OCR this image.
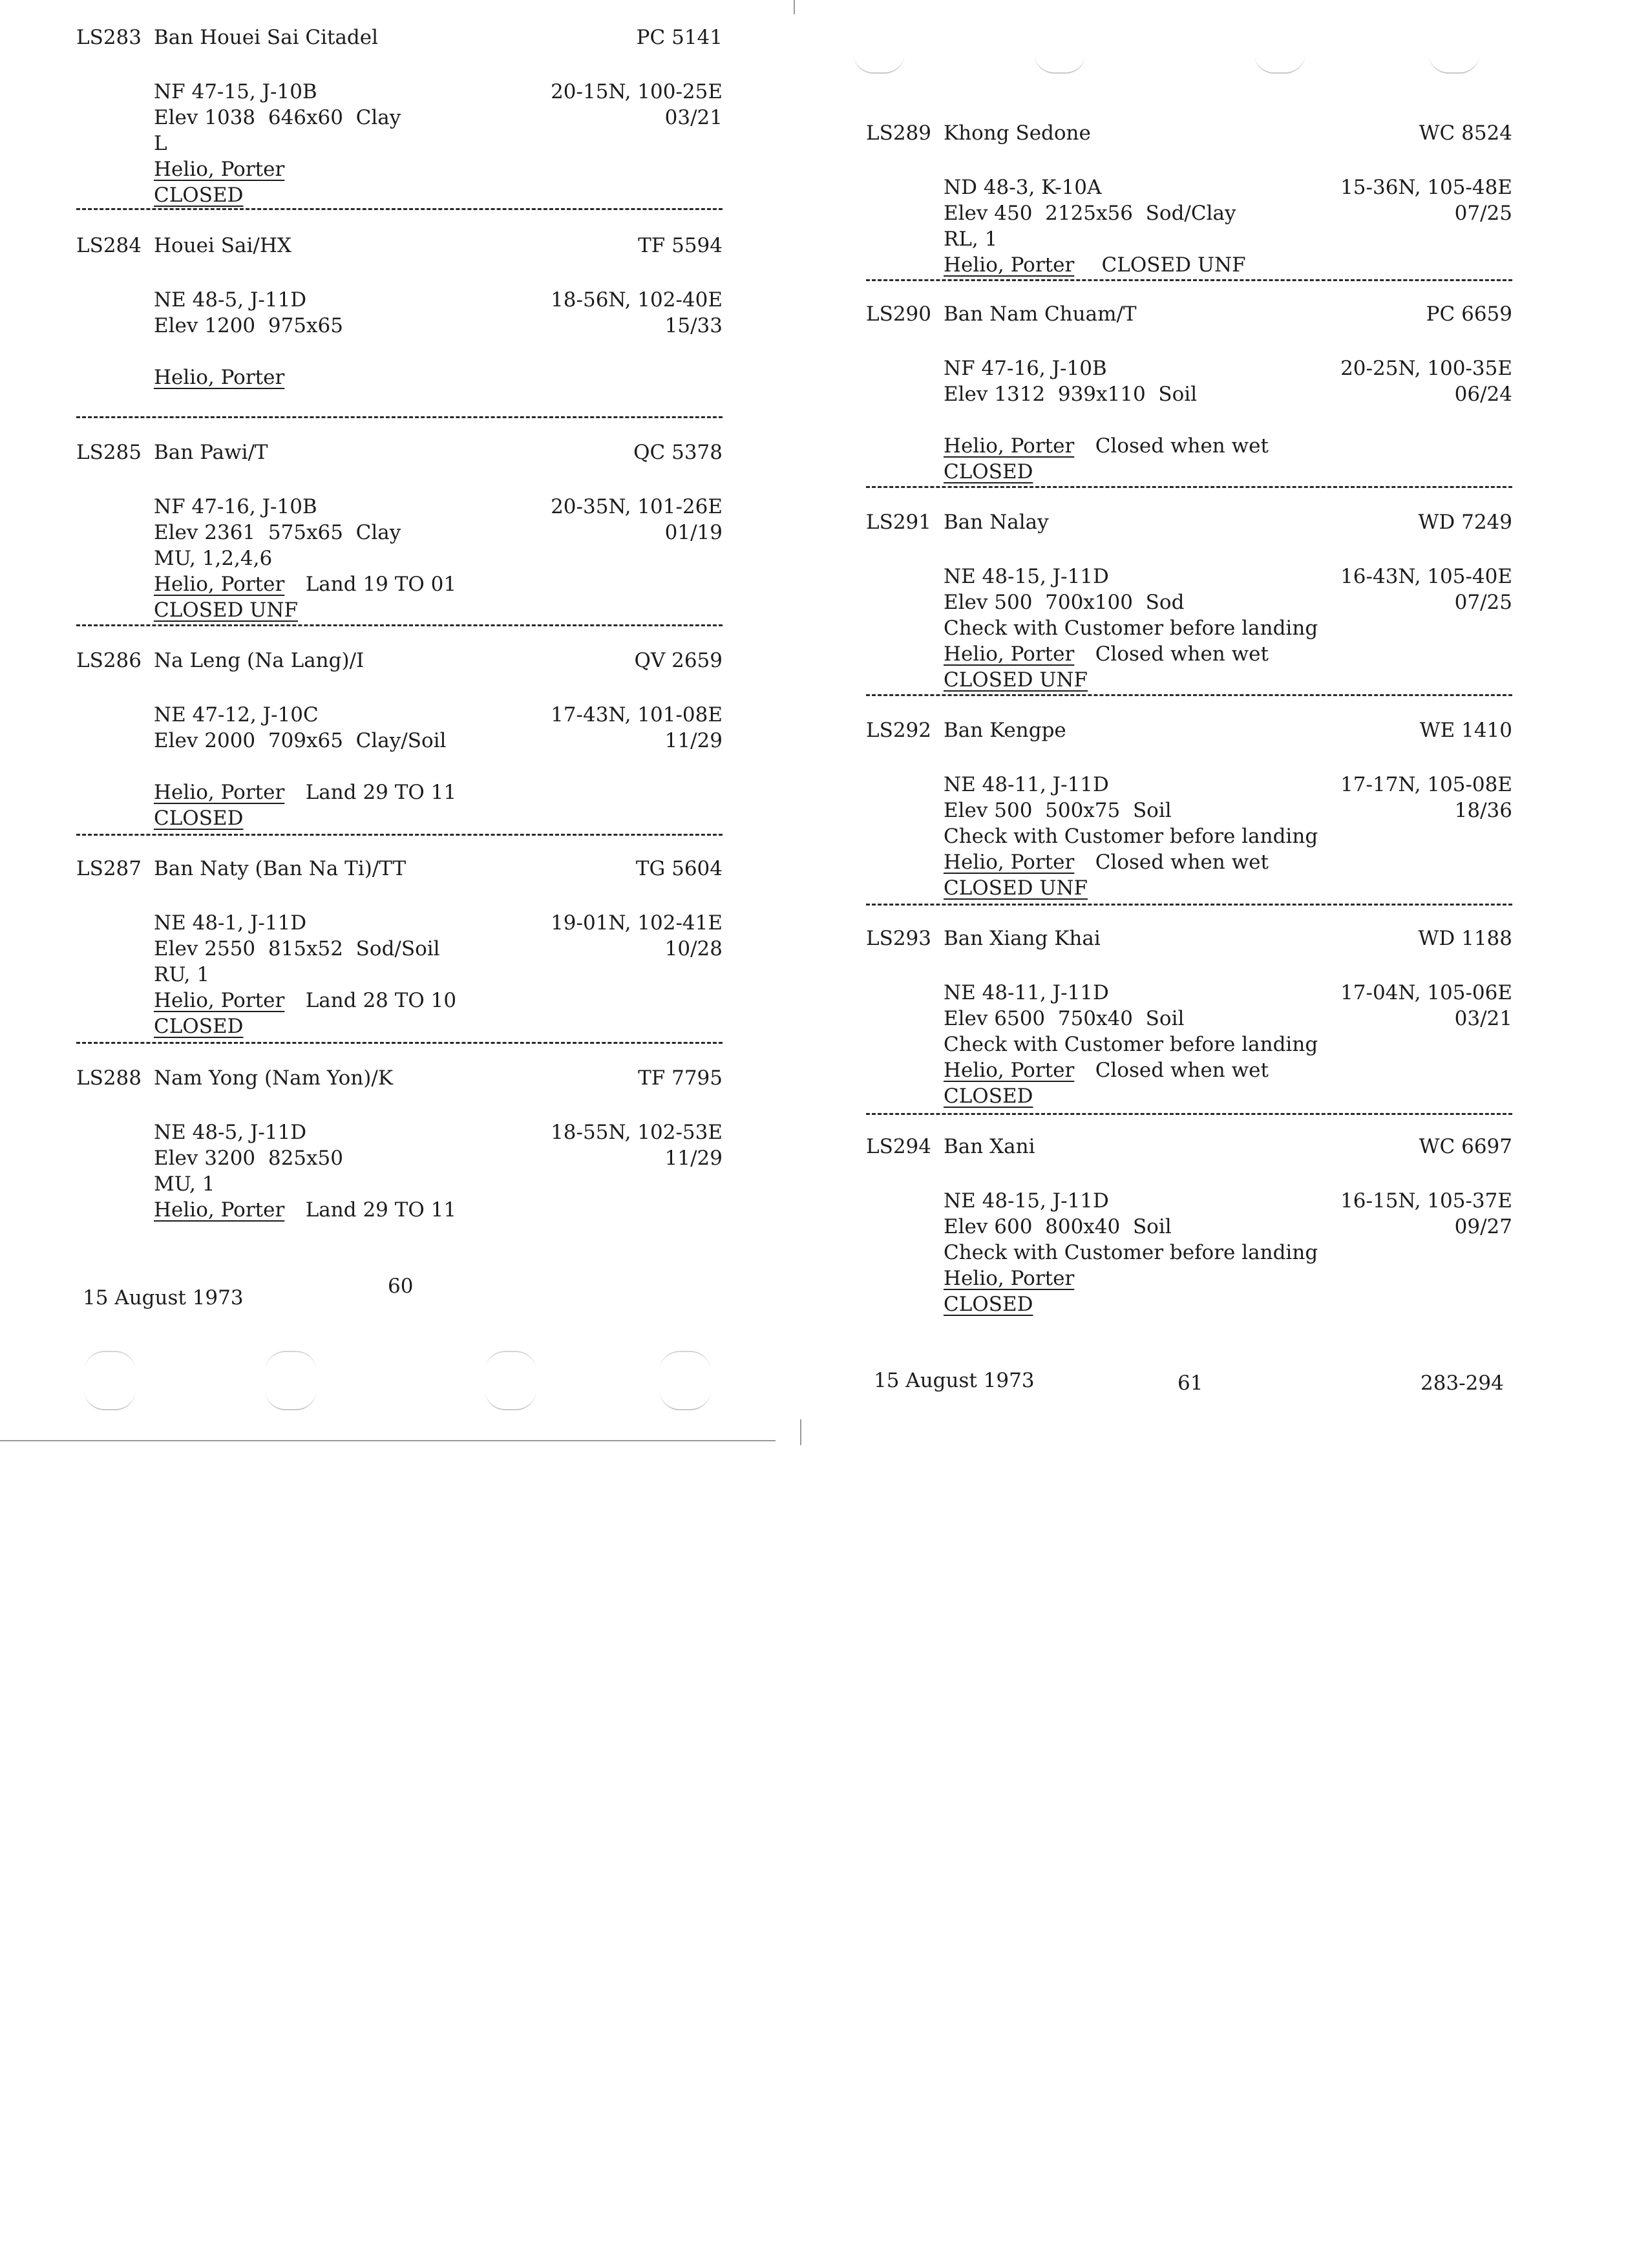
LS283 Ban Houei Sai Citadel	PC 5141
NF 47-15, J-10B	20-15N, 100-25E
Elev 1038  646x60  Clay	03/21
L
Helio, Porter
CLOSED
LS284 Houei Sai/HX	TF 5594
NE 48-5, J-11D	18-56N, 102-40E
Elev 1200  975x65	15/33
Helio, Porter
LS285 Ban Pawi/T	QC 5378
NF 47-16, J-10B	20-35N, 101-26E
Elev 2361  575x65  Clay	01/19
MU, 1,2,4,6
Helio, Porter Land 19 TO 01
CLOSED UNF
LS286 Na Leng (Na Lang)/I	QV 2659
NE 47-12, J-10C	17-43N, 101-08E
Elev 2000  709x65  Clay/Soil	11/29
Helio, Porter Land 29 TO 11
CLOSED
LS287 Ban Naty (Ban Na Ti)/TT	TG 5604
NE 48-1, J-11D	19-01N, 102-41E
Elev 2550  815x52  Sod/Soil	10/28
RU, 1
Helio, Porter Land 28 TO 10
CLOSED
LS288 Nam Yong (Nam Yon)/K	TF 7795
NE 48-5, J-11D	18-55N, 102-53E
Elev 3200  825x50	11/29
MU, 1
Helio, Porter Land 29 TO 11
LS289 Khong Sedone	WC 8524
ND 48-3, K-10A	15-36N, 105-48E
Elev 450  2125x56  Sod/Clay	07/25
RL, 1
Helio, Porter CLOSED UNF
LS290 Ban Nam Chuam/T	PC 6659
NF 47-16, J-10B	20-25N, 100-35E
Elev 1312  939x110  Soil	06/24
Helio, Porter Closed when wet
CLOSED
LS291 Ban Nalay	WD 7249
NE 48-15, J-11D	16-43N, 105-40E
Elev 500  700x100  Sod	07/25
Check with Customer before landing
Helio, Porter Closed when wet
CLOSED UNF
LS292 Ban Kengpe	WE 1410
NE 48-11, J-11D	17-17N, 105-08E
Elev 500  500x75  Soil	18/36
Check with Customer before landing
Helio, Porter Closed when wet
CLOSED UNF
LS293 Ban Xiang Khai	WD 1188
NE 48-11, J-11D	17-04N, 105-06E
Elev 6500  750x40  Soil	03/21
Check with Customer before landing
Helio, Porter Closed when wet
CLOSED
LS294 Ban Xani	WC 6697
NE 48-15, J-11D	16-15N, 105-37E
Elev 600  800x40  Soil	09/27
Check with Customer before landing
Helio, Porter
CLOSED
15 August 1973	60
15 August 1973	61	283-294
